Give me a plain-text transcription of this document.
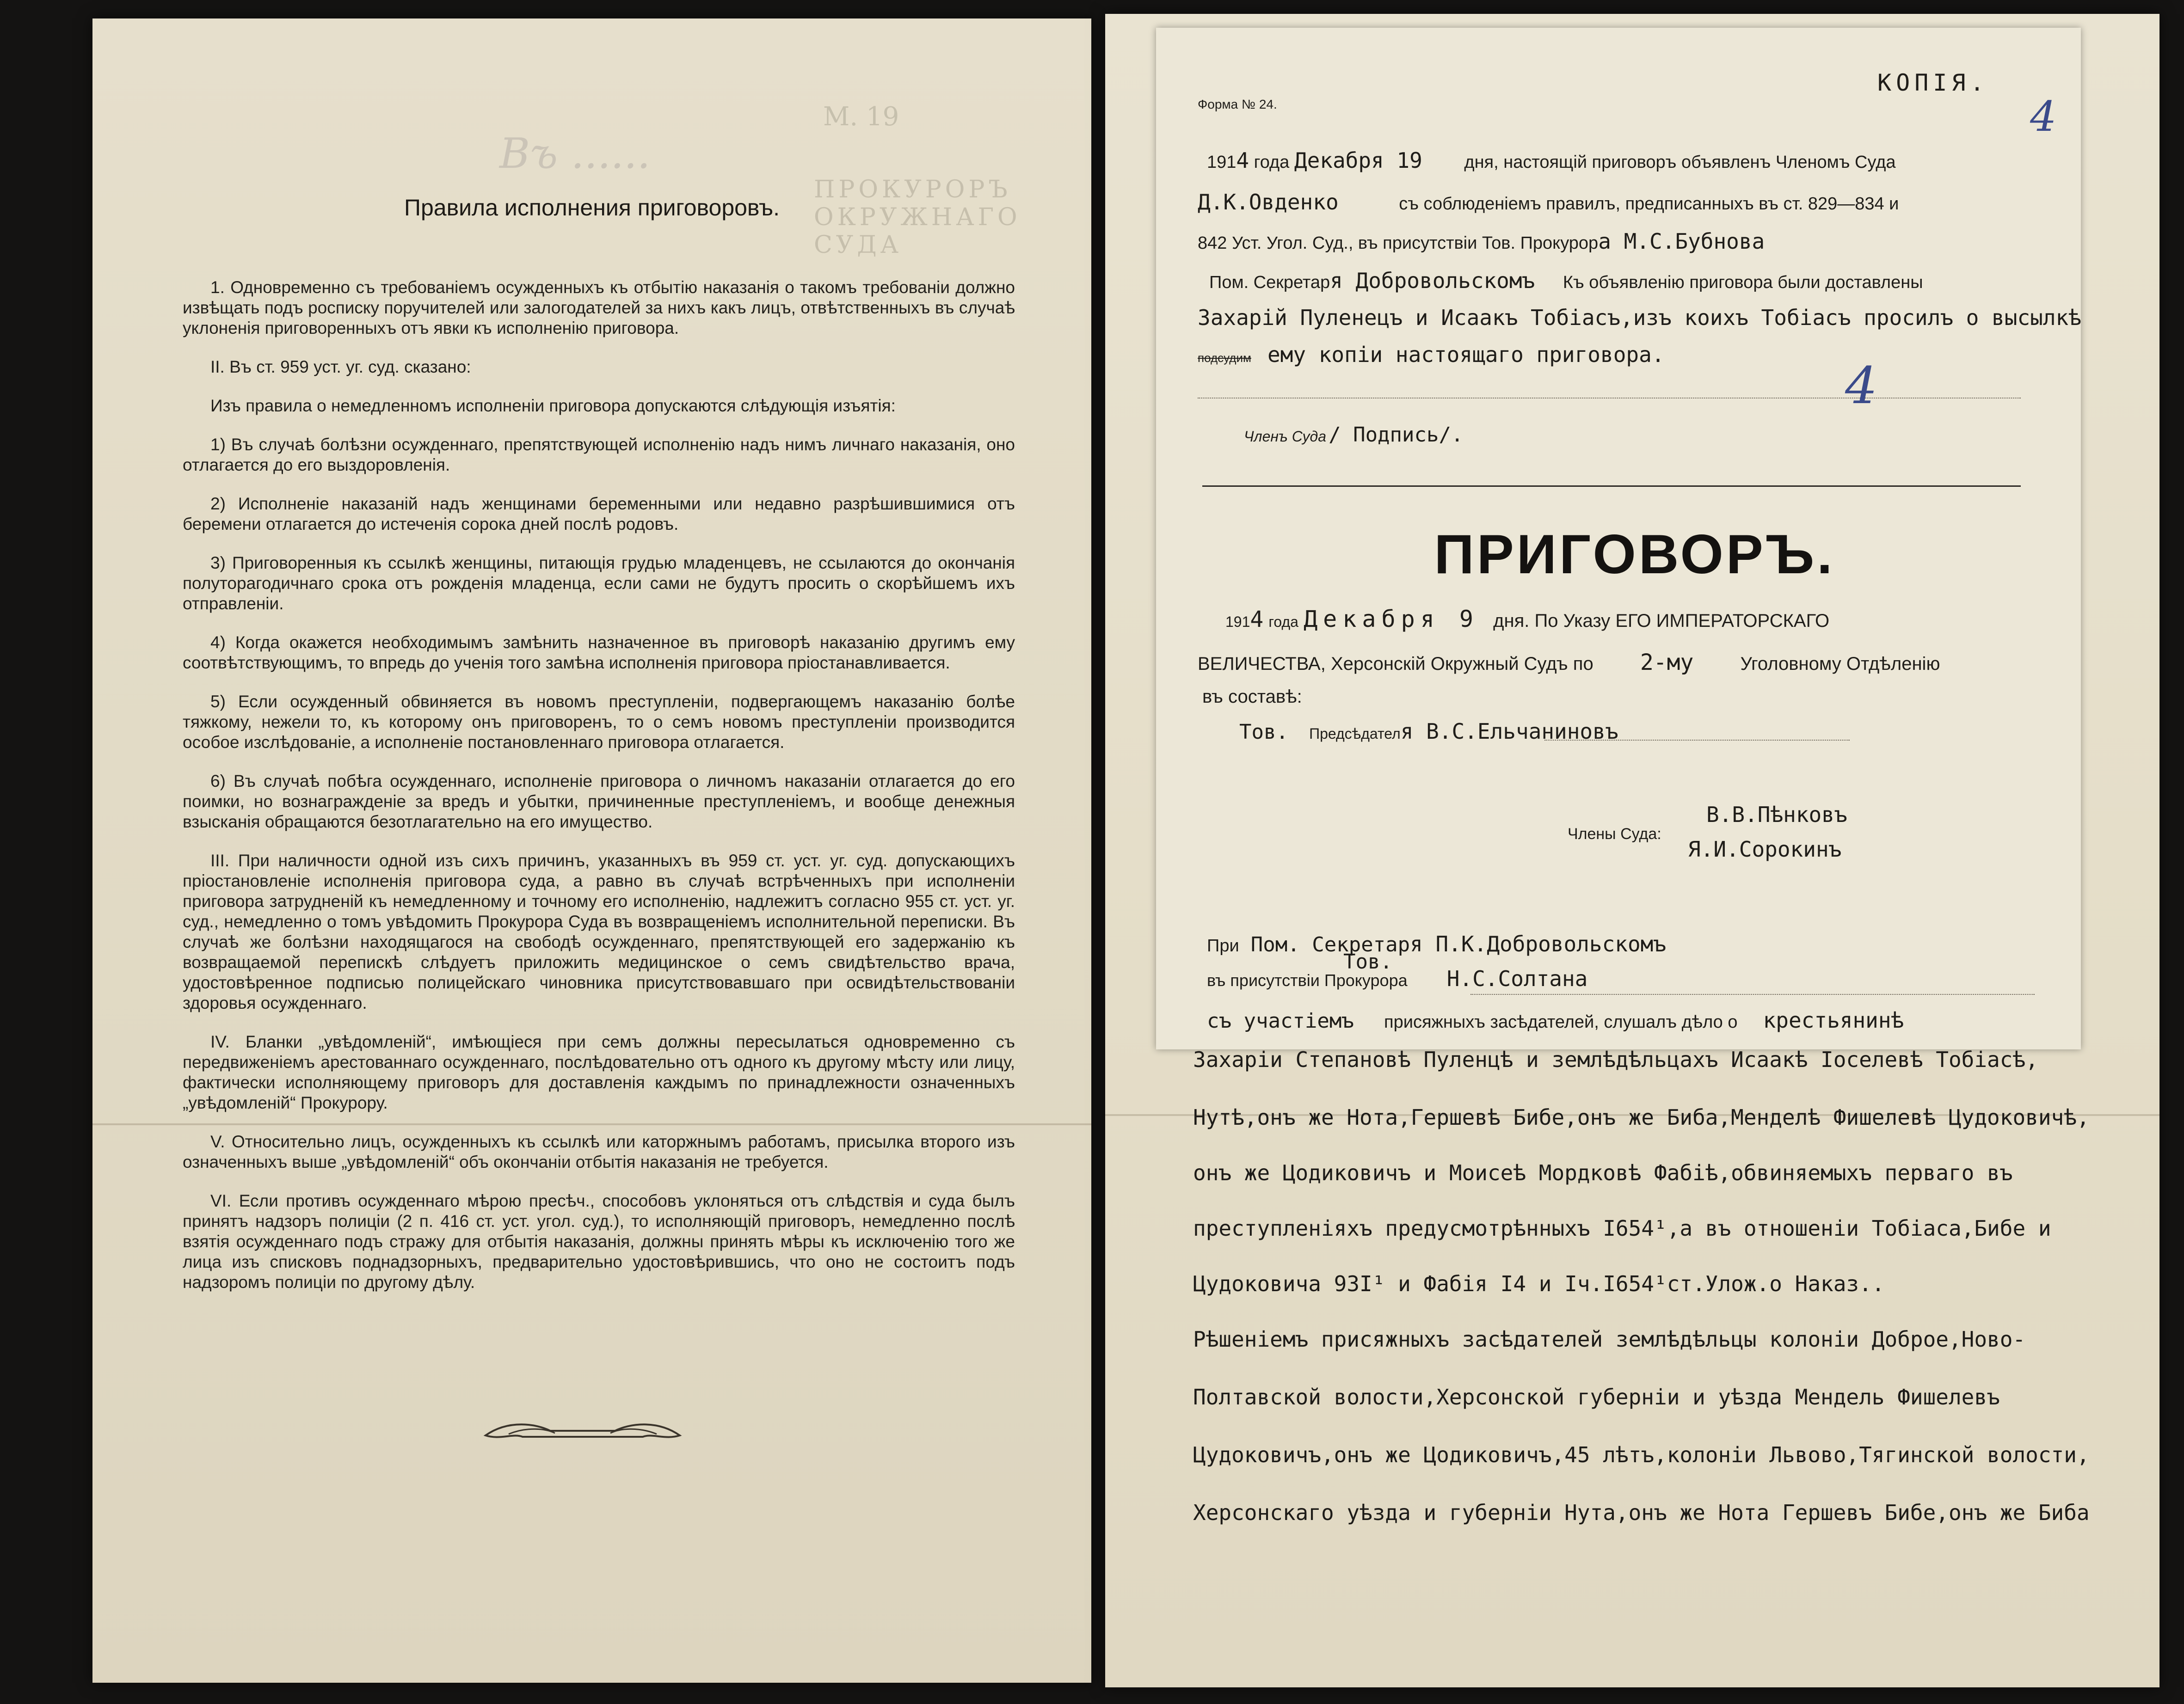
М. 19
ПРОКУРОРЪ ОКРУЖНАГО СУДА
Въ ......
Правила исполнения приговоровъ.

1. Одновременно съ требованіемъ осужденныхъ къ отбытію наказанія о такомъ требованіи должно извѣщать подъ росписку поручителей или залогодателей за нихъ какъ лицъ, отвѣтственныхъ въ случаѣ уклоненія приговоренныхъ отъ явки къ исполненію приговора.

II. Въ ст. 959 уст. уг. суд. сказано:

Изъ правила о немедленномъ исполненіи приговора допускаются слѣдующія изъятія:

1) Въ случаѣ болѣзни осужденнаго, препятствующей исполненію надъ нимъ личнаго наказанія, оно отлагается до его выздоровленія.

2) Исполненіе наказаній надъ женщинами беременными или недавно разрѣшившимися отъ беремени отлагается до истеченія сорока дней послѣ родовъ.

3) Приговоренныя къ ссылкѣ женщины, питающія грудью младенцевъ, не ссылаются до окончанія полуторагодичнаго срока отъ рожденія младенца, если сами не будутъ просить о скорѣйшемъ ихъ отправленіи.

4) Когда окажется необходимымъ замѣнить назначенное въ приговорѣ наказанію другимъ ему соотвѣтствующимъ, то впредь до ученія того замѣна исполненія приговора пріостанавливается.

5) Если осужденный обвиняется въ новомъ преступленіи, подвергающемъ наказанію болѣе тяжкому, нежели то, къ которому онъ приговоренъ, то о семъ новомъ преступленіи производится особое изслѣдованіе, а исполненіе постановленнаго приговора отлагается.

6) Въ случаѣ побѣга осужденнаго, исполненіе приговора о личномъ наказаніи отлагается до его поимки, но вознагражденіе за вредъ и убытки, причиненные преступленіемъ, и вообще денежныя взысканія обращаются безотлагательно на его имущество.

III. При наличности одной изъ сихъ причинъ, указанныхъ въ 959 ст. уст. уг. суд. допускающихъ пріостановленіе исполненія приговора суда, а равно въ случаѣ встрѣченныхъ при исполненіи приговора затрудненій къ немедленному и точному его исполненію, надлежитъ согласно 955 ст. уст. уг. суд., немедленно о томъ увѣдомить Прокурора Суда въ возвращеніемъ исполнительной переписки. Въ случаѣ же болѣзни находящагося на свободѣ осужденнаго, препятствующей его задержанію къ возвращаемой перепискѣ слѣдуетъ приложить медицинское о семъ свидѣтельство врача, удостовѣренное подписью полицейскаго чиновника присутствовавшаго при освидѣтельствованіи здоровья осужденнаго.

IV. Бланки „увѣдомленій“, имѣющіеся при семъ должны пересылаться одновременно съ передвиженіемъ арестованнаго осужденнаго, послѣдовательно отъ одного къ другому мѣсту или лицу, фактически исполняющему приговоръ для доставленія каждымъ по принадлежности означенныхъ „увѣдомленій“ Прокурору.

V. Относительно лицъ, осужденныхъ къ ссылкѣ или каторжнымъ работамъ, присылка второго изъ означенныхъ выше „увѣдомленій“ объ окончаніи отбытія наказанія не требуется.

VI. Если противъ осужденнаго мѣрою пресѣч., способовъ уклоняться отъ слѣдствія и суда былъ принятъ надзоръ полиціи (2 п. 416 ст. уст. угол. суд.), то исполняющій приговоръ, немедленно послѣ взятія осужденнаго подъ стражу для отбытія наказанія, должны принять мѣры къ исключенію того же лица изъ списковъ поднадзорныхъ, предварительно удостовѣрившись, что оно не состоитъ подъ надзоромъ полиціи по другому дѣлу.

КОПІЯ.
4
Форма № 24.
1914 года Декабря 19 дня, настоящій приговоръ объявленъ Членомъ Суда
Д.К.Овденко	съ соблюденіемъ правилъ, предписанныхъ въ ст. 829—834 и
842 Уст. Угол. Суд., въ присутствіи Тов. Прокурора М.С.Бубнова
Пом. Секретаря Добровольскомъ Къ объявленію приговора были доставлены
Захарій Пуленецъ и Исаакъ Тобіасъ,изъ коихъ Тобіасъ просилъ о высылкѣ
подсудим ему копіи настоящаго приговора.
4
Членъ Суда / Подпись/.
ПРИГОВОРЪ.
1914 года Декабря 9 дня. По Указу ЕГО ИМПЕРАТОРСКАГО
ВЕЛИЧЕСТВА, Херсонскій Окружный Судъ по 2-му	Уголовному Отдѣленію
въ составѣ:
Тов. Предсѣдателя В.С.Ельчаниновъ
Члены Суда:
В.В.Пѣнковъ
Я.И.Сорокинъ
При Пом. Секретаря П.К.Добровольскомъ
Тов.
въ присутствіи Прокурора Н.С.Солтана
съ участіемъ присяжныхъ засѣдателей, слушалъ дѣло о крестьянинѣ
Захаріи Степановѣ Пуленцѣ и землѣдѣльцахъ Исаакѣ Іоселевѣ Тобіасѣ,
Нутѣ,онъ же Нота,Гершевѣ Бибе,онъ же Биба,Менделѣ Фишелевѣ Цудоковичѣ,
онъ же Цодиковичъ и Моисеѣ Мордковѣ Фабіѣ,обвиняемыхъ перваго въ
преступленіяхъ предусмотрѣнныхъ I654¹,а въ отношеніи Тобіаса,Бибе и
Цудоковича 93I¹ и Фабія I4 и Iч.I654¹ст.Улож.о Наказ..
Рѣшеніемъ присяжныхъ засѣдателей землѣдѣльцы колоніи Доброе,Ново-
Полтавской волости,Херсонской губерніи и уѣзда Мендель Фишелевъ
Цудоковичъ,онъ же Цодиковичъ,45 лѣтъ,колоніи Львово,Тягинской волости,
Херсонскаго уѣзда и губерніи Нута,онъ же Нота Гершевъ Бибе,онъ же Биба
